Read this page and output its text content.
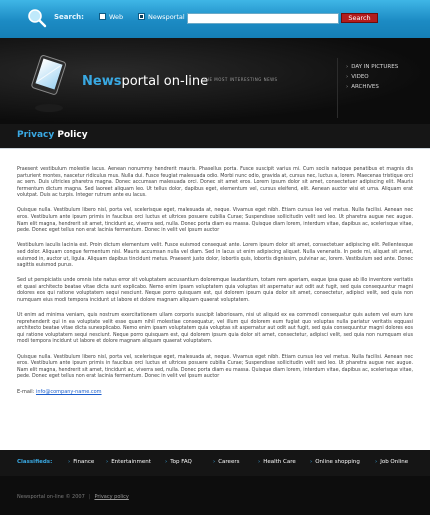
Search:	Web	Newsportal	Search
Newsportal on-line
THE MOST INTERESTING NEWS
› DAY IN PICTURES
› VIDEO
› ARCHIVES
Privacy Policy

Praesent vestibulum molestie lacus. Aenean nonummy hendrerit mauris. Phasellus porta. Fusce suscipit varius mi. Cum sociis natoque penatibus et magnis dis parturient montes, nascetur ridiculus mus. Nulla dui. Fusce feugiat malesuada odio. Morbi nunc odio, gravida at, cursus nec, luctus a, lorem. Maecenas tristique orci ac sem. Duis ultricies pharetra magna. Donec accumsan malesuada orci. Donec sit amet eros. Lorem ipsum dolor sit amet, consectetuer adipiscing elit. Mauris fermentum dictum magna. Sed laoreet aliquam leo. Ut tellus dolor, dapibus eget, elementum vel, cursus eleifend, elit. Aenean auctor wisi et urna. Aliquam erat volutpat. Duis ac turpis. Integer rutrum ante eu lacus.

Quisque nulla. Vestibulum libero nisl, porta vel, scelerisque eget, malesuada at, neque. Vivamus eget nibh. Etiam cursus leo vel metus. Nulla facilisi. Aenean nec eros. Vestibulum ante ipsum primis in faucibus orci luctus et ultrices posuere cubilia Curae; Suspendisse sollicitudin velit sed leo. Ut pharetra augue nec augue. Nam elit magna, hendrerit sit amet, tincidunt ac, viverra sed, nulla. Donec porta diam eu massa. Quisque diam lorem, interdum vitae, dapibus ac, scelerisque vitae, pede. Donec eget tellus non erat lacinia fermentum. Donec in velit vel ipsum auctor

Vestibulum iaculis lacinia est. Proin dictum elementum velit. Fusce euismod consequat ante. Lorem ipsum dolor sit amet, consectetuer adipiscing elit. Pellentesque sed dolor. Aliquam congue fermentum nisl. Mauris accumsan nulla vel diam. Sed in lacus ut enim adipiscing aliquet. Nulla venenatis. In pede mi, aliquet sit amet, euismod in, auctor ut, ligula. Aliquam dapibus tincidunt metus. Praesent justo dolor, lobortis quis, lobortis dignissim, pulvinar ac, lorem. Vestibulum sed ante. Donec sagittis euismod purus.

Sed ut perspiciatis unde omnis iste natus error sit voluptatem accusantium doloremque laudantium, totam rem aperiam, eaque ipsa quae ab illo inventore veritatis et quasi architecto beatae vitae dicta sunt explicabo. Nemo enim ipsam voluptatem quia voluptas sit aspernatur aut odit aut fugit, sed quia consequuntur magni dolores eos qui ratione voluptatem sequi nesciunt. Neque porro quisquam est, qui dolorem ipsum quia dolor sit amet, consectetur, adipisci velit, sed quia non numquam eius modi tempora incidunt ut labore et dolore magnam aliquam quaerat voluptatem.

Ut enim ad minima veniam, quis nostrum exercitationem ullam corporis suscipit laboriosam, nisi ut aliquid ex ea commodi consequatur quis autem vel eum iure reprehenderit qui in ea voluptate velit esse quam nihil molestiae consequatur, vel illum qui dolorem eum fugiat quo voluptas nulla pariatur veritatis eqquasi architecto beatae vitae dicta sunexplicabo. Nemo enim ipsam voluptatem quia voluptas sit aspernatur aut odit aut fugit, sed quia consequuntur magni dolores eos qui ratione voluptatem sequi nesciunt. Neque porro quisquam est, qui dolorem ipsum quia dolor sit amet, consectetur, adipisci velit, sed quia non numquam eius modi tempora incidunt ut labore et dolore magnam aliquam quaerat voluptatem.

Quisque nulla. Vestibulum libero nisl, porta vel, scelerisque eget, malesuada at, neque. Vivamus eget nibh. Etiam cursus leo vel metus. Nulla facilisi. Aenean nec eros. Vestibulum ante ipsum primis in faucibus orci luctus et ultrices posuere cubilia Curae; Suspendisse sollicitudin velit sed leo. Ut pharetra augue nec augue. Nam elit magna, hendrerit sit amet, tincidunt ac, viverra sed, nulla. Donec porta diam eu massa. Quisque diam lorem, interdum vitae, dapibus ac, scelerisque vitae, pede. Donec eget tellus non erat lacinia fermentum. Donec in velit vel ipsum auctor

E-mail: info@company-name.com
Classifieds:	› Finance › Entertainment	› Top FAQ	› Careers	› Health Care	› Online shopping	› Job Online
Newsportal on-line © 2007 | Privacy policy
